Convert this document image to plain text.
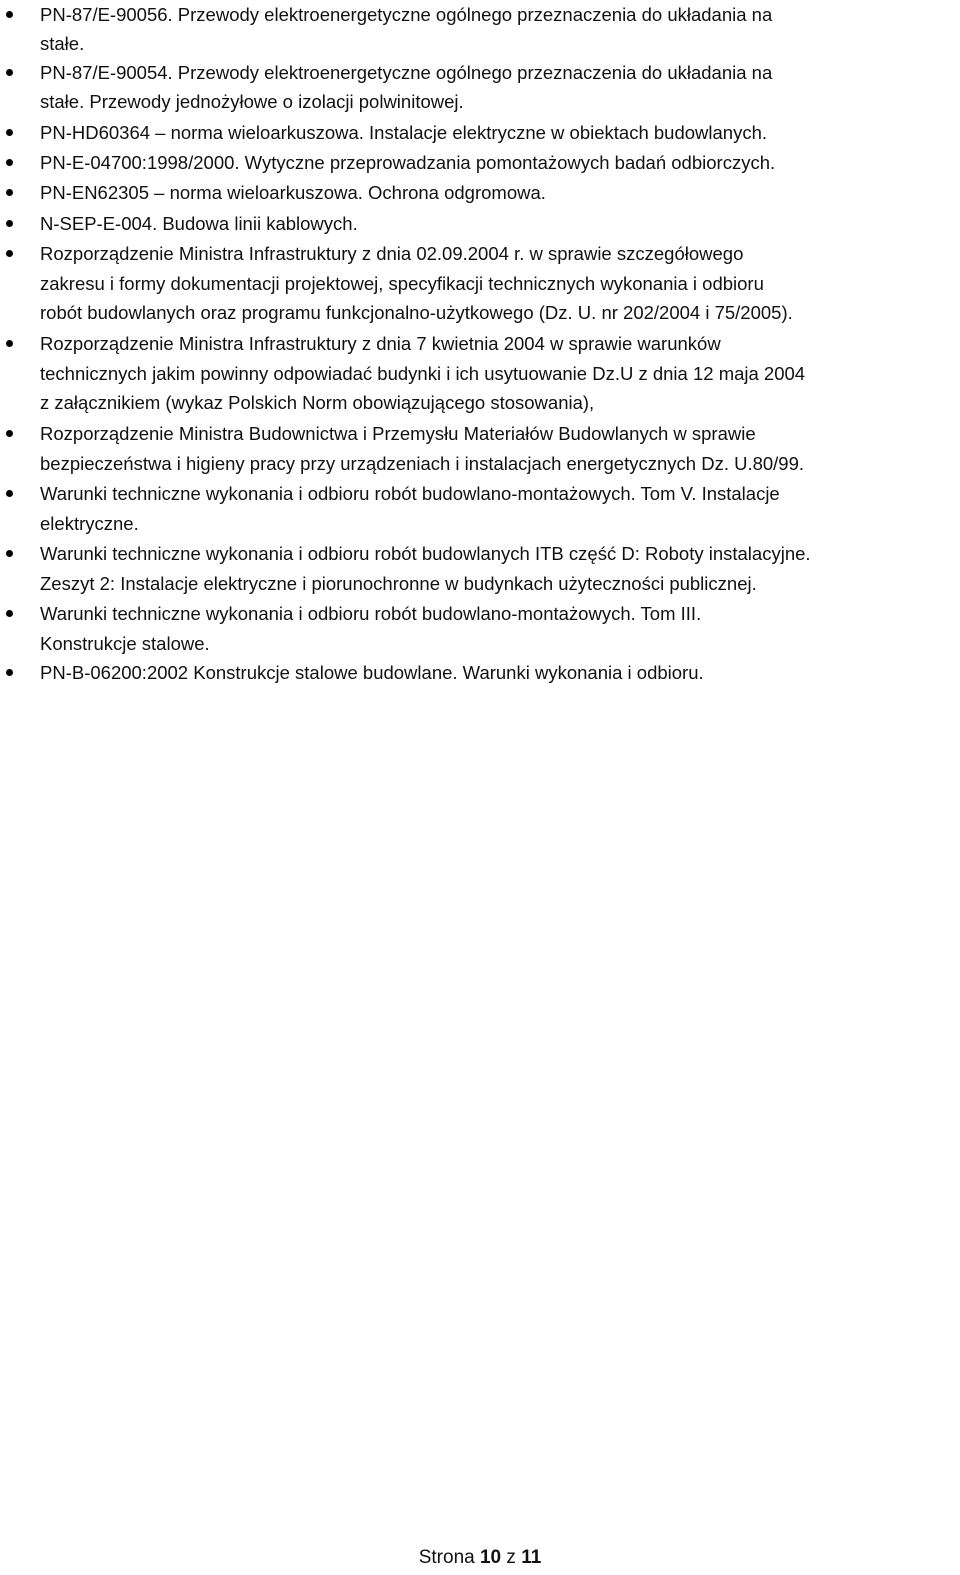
PN-87/E-90056. Przewody elektroenergetyczne ogólnego przeznaczenia do układania na
stałe.
PN-87/E-90054. Przewody elektroenergetyczne ogólnego przeznaczenia do układania na
stałe. Przewody jednożyłowe o izolacji polwinitowej.
PN-HD60364 – norma wieloarkuszowa. Instalacje elektryczne w obiektach budowlanych.
PN-E-04700:1998/2000. Wytyczne przeprowadzania pomontażowych badań odbiorczych.
PN-EN62305 – norma wieloarkuszowa. Ochrona odgromowa.
N-SEP-E-004. Budowa linii kablowych.
Rozporządzenie Ministra Infrastruktury z dnia 02.09.2004 r. w sprawie szczegółowego
zakresu i formy dokumentacji projektowej, specyfikacji technicznych wykonania i odbioru
robót budowlanych oraz programu funkcjonalno-użytkowego (Dz. U. nr 202/2004 i 75/2005).
Rozporządzenie Ministra Infrastruktury z dnia 7 kwietnia 2004 w sprawie warunków
technicznych jakim powinny odpowiadać budynki i ich usytuowanie Dz.U z dnia 12 maja 2004
z załącznikiem (wykaz Polskich Norm obowiązującego stosowania),
Rozporządzenie Ministra Budownictwa i Przemysłu Materiałów Budowlanych w sprawie
bezpieczeństwa i higieny pracy przy urządzeniach i instalacjach energetycznych Dz. U.80/99.
Warunki techniczne wykonania i odbioru robót budowlano-montażowych. Tom V. Instalacje
elektryczne.
Warunki techniczne wykonania i odbioru robót budowlanych ITB część D: Roboty instalacyjne.
Zeszyt 2: Instalacje elektryczne i piorunochronne w budynkach użyteczności publicznej.
Warunki techniczne wykonania i odbioru robót budowlano-montażowych. Tom III.
Konstrukcje stalowe.
PN-B-06200:2002 Konstrukcje stalowe budowlane. Warunki wykonania i odbioru.
Strona 10 z 11
